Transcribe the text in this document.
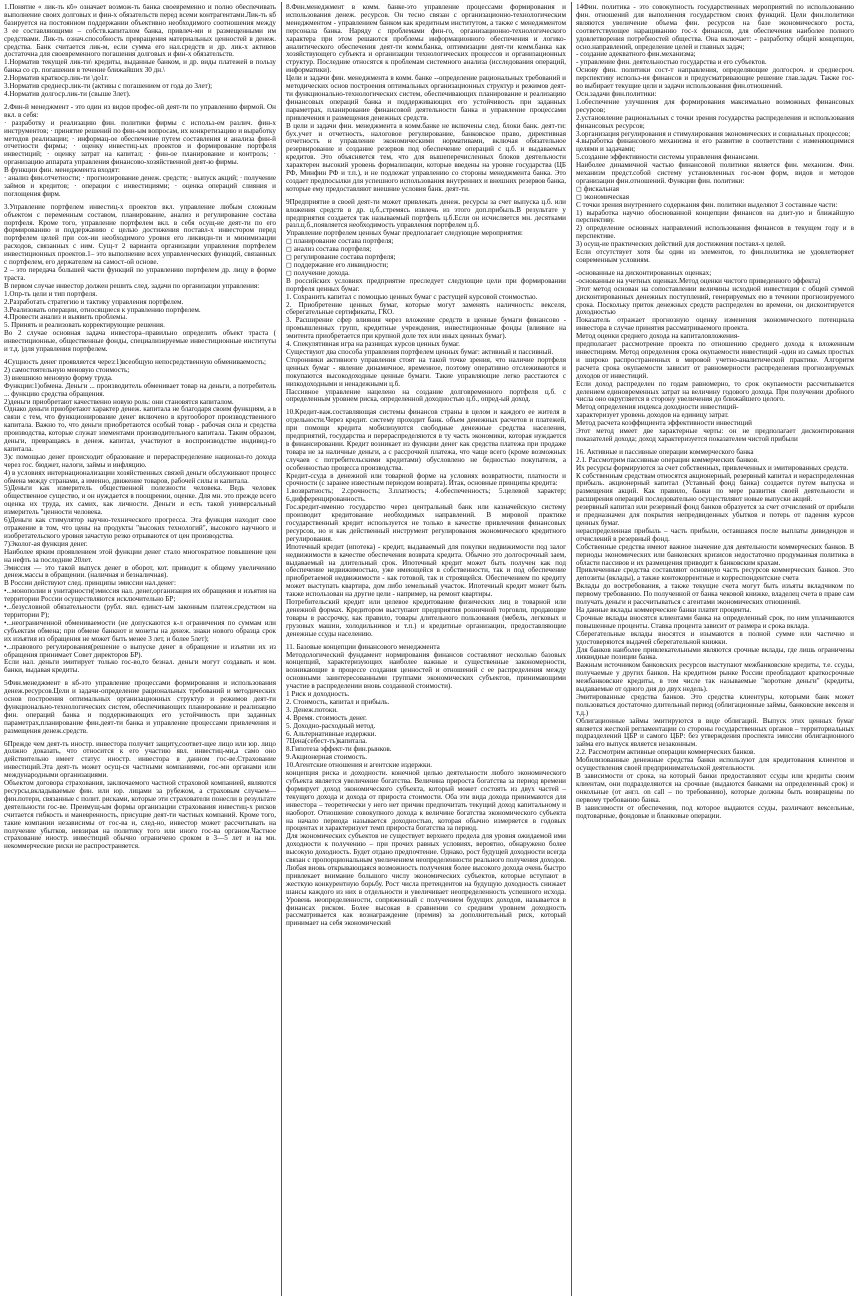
1.Понятие « лик-ть кб» означает возмож-ть банка своевременно и полно обеспечивать выполнение своих долговых и фин-х обязательств перед всеми контрагентами.Лик-ть кб базируется на постоянном поддержании объективно необходимого соотношения между 3 ее составляющими – собств.капиталом банка, привлеч-ми и размещенными им средствами. Лик-ть означ.способность превращения материальных ценностей в денеж. средства. Банк считается лик-м, если сумма его нал.средств и др. лик-х активов достаточна для своевременного погашения долговых и фин-х обязательств.

1.Норматив текущей лик-ти\ кредиты, выданные банком, и др. виды платежей в пользу банка со ср. погашения в течение ближайших 30 дн.\

2.Норматив краткоср.лик-ти \до1г.

3.Норматив среднеср.лик-ти (активы с погашением от года до 3лет);

4.Норматив долгоср.лик-ти (свыше 3лет).

2.Фин-й менеджмент - это один из видов профес-ой деят-ти по управлению фирмой. Он вкл. в себя:

· разработку и реализацию фин. политики фирмы с использ-ем различ. фин-х инструментов; · принятие решений по фин-ым вопросам, их конкретизацию и выработку методов реализации; · информац-ое обеспечение путем составления и анализа фин-й отчетности фирмы; · оценку инвестиц-ых проектов и формирование портфеля инвестиций; · оценку затрат на капитал; · фин-ое планирование и контроль; · организацию аппарата управления финансово-хозяйственной деят-ю фирмы.

В функции фин. менеджмента входят:

· анализ фин.отчетности; · прогнозирование денеж. средств; · выпуск акций; · получение займов и кредитов; · операции с инвестициями; · оценка операций слияния и поглощения фирм.

3.Управление портфелем инвестиц-х проектов вкл. управление любым сложным объектом с переменным составом, планирование, анализ и регулирование состава портфеля. Кроме того, управление портфелем вкл. в себя осущ-ие деят-ти по его формированию и поддержанию с целью достижения поставл-х инвестором перед портфелем целей при сох-ии необходимого уровня его ликвидн-ти и минимизации расходов, связанных с ним. Сущ-т 2 варианта организации управления портфелем инвестиционных проектов.1– это выполнение всех управленческих функций, связанных с портфелем, его держателем на самост-ой основе.

2 – это передача большей части функций по управлению портфелем др. лицу в форме траста.

В первом случае инвестор должен решить след. задачи по организации управления:

1.Опр-ть цели и тип портфеля.

2.Разработать стратегию и тактику управления портфелем.

3.Реализовать операции, относящиеся к управлению портфелем.

4.Провести анализ и выявить проблемы.

5. Принять и реализовать корректирующие решения.

Во 2 случае основная задача инвестора–правильно определить объект траста ( инвестиционные, общественные фонды, специализируемые инвестиционные институты и т.д. )для управления портфелем.

4Сущность денег проявляется через:1)всеобщую непосредственную обмениваемость;

2) самостоятельную меновую стоимость;

3) внешнюю меновую форму труда.

Функции:1)обмена. Деньги ... производитель обменивает товар на деньги, а потребитель ... функцию средства обращения.

2)деньги приобретают качественно новую роль: они становятся капиталом.

Однако деньги приобретают характер денеж. капитала не благодаря своим функциям, а в связи с тем, что функционирование денег включено в кругооборот производственного капитала. Важно то, что деньги приобретаются особый товар - рабочая сила и средства производства, которые служат элементами производительного капитала. Таким образом, деньги, превращаясь в денеж. капитал, участвуют в воспроизводстве индивид-го капитала.

3)с помощью денег происходит образование и перераспределение национал-го дохода через гос. бюджет, налоги, займы и инфляцию.

4) в условиях интернационализации хозяйственных связей деньги обслуживают процесс обмена между странами, а именно, движение товаров, рабочей силы и капитала.

5)Деньги как измеритель общественной полезности человека. Ведь человек общественное существо, и он нуждается в поощрении, оценке. Для мн. это прежде всего оценка их труда, их самих, как личности. Деньги и есть такой универсальный измеритель "ценности человека.

6)Деньги как стимулятор научно-технического прогресса. Эта функция находит свое отражение в том, что цены на продукты "высоких технологий", высокого научного и изобретательского уровня зачастую резко отрываются от цен производства.

7)Эколог-ая функция денег.

Наиболее ярким проявлением этой функции денег стало многократное повышение цен на нефть за последние 20лет.

Эмиссия — это такой выпуск денег в оборот, кот. приводит к общему увеличению денеж.массы в обращении. (наличная и безналичная).

В России действуют след. принципы эмиссии нал.денег:

•...монополии и унитарности(эмиссия нал. денег,организация их обращения и изъятия на территории России осуществляются исключительно БР;

•...безусловной обязательности (рубл. явл. единст-ым законным платеж.средством на территории Р);

•...неограниченной обмениваемости (не допускаются к-л ограничения по суммам или субъектам обмена; при обмене банкнот и монеты на денеж. знаки нового образца срок их изъятия из обращения не может быть менее 3 лет, и более 5лет);

•...правового регулирования(решение о выпуске денег в обращение и изъятии их из обращения принимает Совет директоров БР).

Если нал. деньги эмитирует только гос-во,то безнал. деньги могут создавать и ком. банки, выдавая кредиты.

5Фин.менеджмент в кб-это управление процессами формирования и использования денеж.ресурсов.Цели и задачи-определение рациональных требований и методических основ построения оптимальных организационных структур и режимов деят-ти функционально-технологических систем, обеспечивающих планирование и реализацию фин. операций банка и поддерживающих его устойчивость при заданных параметрах,планирование фин.деят-ти банка и управление процессами привлечения и размещения денеж.средств.

6Прежде чем деят-ть иностр. инвестора получит защиту,соответ-щее лицо или юр. лицо должно доказать, что относится к его участию явл. инвестиц-ми,а само оно действительно имеет статус иностр. инвестора в данном гос-ве.Страхование инвестиций.Эта деят-ть может осущ-ся частными компаниями, гос-ми органами или международными организациями.

Объектом договора страхования, заключаемого частной страховой компанией, являются ресурсы,вкладываемые фин. или юр. лицами за рубежом, а страховым случаем—фин.потери, связанные с полит. рисками, которые эти страхователи понесли в результате деятельности гос-ве. Преимущ-ым формы организации страхования инвестиц-х рисков считается гибкость и маневренность, присущие деят-ти частных компаний. Кроме того, такие компании независимы от гос-ва и, след-но, инвестор может рассчитывать на получение убытков, невзирая на политику того или иного гос-ва органом.Частное страхование иностр. инвестиций обычно ограничено сроком в 3—5 лет и на ми. некоммерческие риски не распространяется.

8.Фин.менеджмент в комм. банке-это управление процессами формирования и использования денеж. ресурсов. Он тесно связан с организационно-технологическим менеджментом - управлением банком как кредитным институтом, а также с менеджментом персонала банка. Наряду с проблемами фин-го, организационно-технологического характера при этом решаются проблемы информационного обеспечения и логико-аналитического обеспечения деят-ти комм.банка, оптимизации деят-ти комм.банка как хозяйствующего субъекта и организации технологических процессов и организационных структур. Последние относятся к проблемам системного анализа (исследования операций, информатики).

Цели и задачи фин. менеджмента в комм. банке --определение рациональных требований и методических основ построения оптимальных организационных структур и режимов деят-ти функционально-технологических систем, обеспечивающих планирование и реализацию финансовых операций банка и поддерживающих его устойчивость при заданных параметрах, планирование финансовой деятельности банка и управление процессами привлечения и размещения денежных средств.

В цели и задачи фин. менеджмента в комм.банке не включены след. блоки банк. деят-ти: бух.учет и отчетность, налоговое регулирование, банковское право, директивная отчетность и управление экономическими нормативами, включая обязательное резервирование и создание резервов под обеспечение операций с ц.б. и выдаваемых кредитов. Это объясняется тем, что для вышеперечисленных блоков деятельности характерен высокий уровень формализации, которые введены на уровне государства (ЦБ РФ, Минфин РФ и т.п.), и не подлежат управлению со стороны менеджмента банка. Это создает предпосылки для успешного использования внутренних и внешних резервов банка, которые ему предоставляют внешние условия банк. деят-ти.

9Предприятие в своей деят-ти может привлекать денеж. ресурсы за счет выпуска ц.б. или вложения средств в др. ц.б.,стремясь извлечь из этого доп.прибыль.В результате у предприятия создается так называемый портфель ц.б.Если он исчисляется мн. десятками разл.ц.б.,появляется необходимость управления портфелем ц.б.

Управление портфелем ценных бумаг предполагает следующие мероприятия:

◻ планирование состава портфеля;

◻ анализ состава портфеля;

◻ регулирование состава портфеля;

◻ поддержание его ликвидности;

◻ получение дохода.

В российских условиях предприятие преследует следующие цели при формировании портфеля ценных бумаг.

1. Сохранить капитал с помощью ценных бумаг с растущей курсовой стоимостью.

2. Приобретение ценных бумаг, которые могут заменять наличность: векселя, сберегательные сертификаты, ГКО.

3. Расширение сфер влияния через вложение средств в ценные бумаги финансово - промышленных групп, кредитные учреждения, инвестиционные фонды (влияние на эмитента приобретается при крупной доле тех или иных ценных бумаг).

4. Спекулятивная игра на разницах курсов ценных бумаг.

Существуют два способа управления портфелем ценных бумаг: активный и пассивный.

Сторонники активного управления стоят на такой точке зрения, что наличие портфеля ценных бумаг - явление динамичное, временное, поэтому оперативно отслеживаются и покупаются высокодоходные ценные бумаги. Такие управляющие легко расстаются с низкодоходными и ненадежными ц.б.

Пассивное управление нацелено на создание долговременного портфеля ц.б. с определенным уровнем риска, определенной доходностью ц.б., опред-ый доход.

10.Кредит-важ.составляющая системы финансов страны в целом и каждого ее жителя в отдельности.Через кредит. систему проходит банк. объем денежных расчетов и платежей, при помощи кредита мобилизуются свободные денежные средства населения, предприятий, государства и перераспределяются в ту часть экономики, которая нуждается в финансировании. Кредит возникает из функции денег как средства платежа при продаже товара не за наличные деньги, а с рассрочкой платежа, что чаще всего (кроме возможных случаев с потребительскими кредитами) обусловлено не бедностью покупателя, а особенностью процесса производства.

Кредит-ссуда в денежной или товарной форме на условиях возвратности, платности и срочности (с заранее известным периодом возврата). Итак, основные принципы кредита:

1.возвратность; 2.срочность; 3.платность; 4.обеспеченность; 5.целевой характер; 6.дифференцированность.

Гос.кредит-именно государство через центральный банк или казначейскую систему производит кредитование необходимых направлений. В мировой практике государственный кредит используется не только в качестве привлечения финансовых ресурсов, но и как действенный инструмент регулирования экономического кредитного регулирования.

Ипотечный кредит (ипотека) - кредит, выдаваемый для покупки недвижимости под залог недвижимости в качестве обеспечения возврата кредита. Обычно это долгосрочный заем, выдаваемый на длительный срок. Ипотечный кредит может быть получен как под обеспечение недвижимостью, уже имеющейся в собственности, так и под обеспечение приобретаемой недвижимости - как готовой, так и строящейся. Обеспечением по кредиту может выступать квартира, дом либо земельный участок. Ипотечный кредит может быть также использован на другие цели - например, на ремонт квартиры.

Потребительский кредит или целевое кредитование физических лиц в товарной или денежной формах. Кредитором выступают предприятия розничной торговли, продающие товары в рассрочку, как правило, товары длительного пользования (мебель, легковых и грузовых машин, холодильников и т.п.) и кредитные организации, предоставляющие денежные ссуды населению.

11. Базовые концепции финансового менеджмента

Методологический фундамент нормирования финансов составляют несколько базовых концепций, характеризующих наиболее важные и существенные закономерности, возникающие в процессе создания ценностей и отношений с ее распределения между основными заинтересованными группами экономических субъектов, принимающими участие в распределении вновь созданной стоимости).

1 Риск и доходность.

2. Стоимость, капитал и прибыль.

3. Денеж.потоки.

4. Время. стоимость денег.

5. Доходно-расходный метод.

6. Альтернативные издержки.

7Цена(себест-ть)капитала.

8.Гипотеза эффект-ти фин.рынков.

9.Акционерная стоимость.

10.Агентские отношения и агентские издержки.

концепция риска и доходности. конечной целью деятельности любого экономического субъекта является увеличение богатства. Величина прироста богатства за период времени формирует доход экономического субъекта, который может состоять из двух частей – текущего дохода и дохода от прироста стоимости. Оба эти вида дохода принимаются для инвестора – теоретически у него нет причин предпочитать текущий доход капитальному и наоборот. Отношение совокупного дохода к величине богатства экономического субъекта на начало периода называется доходностью, которая обычно измеряется в годовых процентах и характеризует темп прироста богатства за период.

Для экономических субъектов не существует верхнего предела для уровня ожидаемой ими доходности к получению – при прочих равных условиях, вероятно, обнаружено более высокую доходность. Будет отдано предпочтение. Однако, рост будущей доходности всегда связан с пропорциональным увеличением неопределенности реального получения доходов. Любая вновь открывающаяся возможность получения более высокого дохода очень быстро привлекает внимание большого числу экономических субъектов, которые вступают в жесткую конкурентную борьбу. Рост числа претендентов на будущую доходность снижает шансы каждого из них в отдельности и увеличивает неопределенность успешного исхода. Уровень неопределенности, сопряженный с получением будущих доходов, называется в финансах риском. Более высокая в сравнении со средним уровнем доходность рассматривается как вознаграждение (премия) за дополнительный риск, который принимает на себя экономический

14Фин. политика - это совокупность государственных мероприятий по использованию фин. отношений для выполнения государством своих функций. Цели фин.политики являются увеличение объема фин. ресурсов на базе экономического роста, соответствующее наращиванию гос-х финансов, для обеспечения наиболее полного удовлетворения потребностей общества. Она включает: - разработку общей концепции, осно.направлений, определение целей и главных задач;

- создание адекватного фин.механизма;

- управление фин. деятельностью государства и его субъектов.

Основу фин. политики сост-т направления, определяющие долгосроч. и среднесроч. перспективу использ-ия финансов и предусматривающие решение глав.задач. Также гос-во выбирает текущие цели и задачи использования фин.отношений.

Осн.задачи фин.политики:

1.обеспечение улучшения для формирования максимально возможных финансовых ресурсов;

2.установление рациональных с точки зрения государства распределения и использования финансовых ресурсов;

3.организация регулирования и стимулирования экономических и социальных процессов;

4.выработка финансового механизма и его развитие в соответствии с изменяющимися целями и задачами;

5.создание эффективности системы управления финансами.

Наиболее динамичной частью финансовой политики является фин. механизм. Фин. механизм предст.собой систему установленных гос-вом форм, видов и методов организации фин.отношений. Функции фин. политики:

◻ фискальная

◻ экономическая

С точки зрения внутреннего содержания фин. политики выделяют 3 составные части:

1) выработка научно обоснованной концепции финансов на длит-ую и ближайшую перспективу.

2) определение основных направлений использования финансов в текущем году и в перспективе.

3) осущ-ие практических действий для достижения поставл-х целей.

Если отсутствует хотя бы один из элементов, то фин.политика не удовлетворяет современным условиям.

-основанные на дисконтированных оценках;

-основанные на учетных оценках.Метод оценки чистого приведенного эффекта)

Этот метод основан на сопоставлении величины исходной инвестиции с общей суммой дисконтированных денежных поступлений, генерируемых ею в течении прогнозируемого срока. Поскольку приток денежных средств распределен во времени, он дисконтируется доходностью

Показатель отражает прогнозную оценку изменения экономического потенциала инвестора в случае принятия рассматриваемого проекта.

Метод оценки среднего дохода на капиталовложения-

предполагает рассмотрение проекта по отношению среднего дохода к вложенным инвестициям. Метод определения срока окупаемости инвестиций -один из самых простых и широко распространенных в мировой учетно-аналитической практике. Алгоритм расчета срока окупаемости зависит от равномерности распределения прогнозируемых доходов от инвестиций.

Если доход распределен по годам равномерно, то срок окупаемости рассчитывается делением единовременных затрат на величину годового дохода. При получении дробного числа оно округляется в сторону увеличения до ближайшего целого.

Метод определения индекса доходности инвестиций-

характеризует уровень доходов на единицу затрат.

Метод расчета коэффициента эффективности инвестиций

Этот метод имеет две характерные черты: он не предполагает дисконтирования показателей дохода; доход характеризуется показателем чистой прибыли

16. Активные и пассивные операции коммерческого банка

2.1. Рассмотрим пассивные операции коммерческих банков.

Их ресурсы формируются за счет собственных, привлеченных и эмитированных средств.

К собственным средствам относятся акционерный, резервный капитал и нераспределенная прибыль. акционерный капитал (Уставный фонд банка) создается путем выпуска и размещения акций. Как правило, банки по мере развития своей деятельности и расширения операций последовательно осуществляют новые выпуски акций.

резервный капитал или резервный фонд банков образуется за счет отчислений от прибыли и предназначен для покрытия непредвиденных убытков и потерь от падения курсов ценных бумаг.

нераспределенная прибыль – часть прибыли, оставшаяся после выплаты дивидендов и отчислений в резервный фонд.

Собственные средства имеют важное значение для деятельности коммерческих банков. В периоды экономических или банковских кризисов недостаточно продуманная политика в области пассивов и их размещения приводит к банковским крахам.

Привлеченные средства составляют основную часть ресурсов коммерческих банков. Это депозиты (вклады), а также контокоррентные и корреспондентские счета

Вклады до востребования, а также текущие счета могут быть изъяты вкладчиком по первому требованию. По полученной от банка чековой книжке, владелец счета в праве сам получать деньги и рассчитываться с агентами экономических отношений.

На данные вклады коммерческие банки платят проценты.

Срочные вклады вносятся клиентами банка на определенный срок, по ним уплачиваются повышенные проценты. Ставка процента зависит от размера и срока вклада.

Сберегательные вклады вносятся и изымаются в полной сумме или частично и удостоверяются выдачей сберегательной книжки.

Для банков наиболее привлекательными являются срочные вклады, где лишь ограничены ликвидные позиции банка.

Важным источником банковских ресурсов выступают межбанковские кредиты, т.е. ссуды, получаемые у других банков. На кредитном рынке России преобладают краткосрочные межбанковские кредиты, в том числе так называемые "короткие деньги" (кредиты, выдаваемые от одного дня до двух недель).

Эмитированные средства банков. Это средства клиентуры, которыми банк может пользоваться достаточно длительный период (облигационные займы, банковские векселя и т.д.)

Облигационные займы эмитируются в виде облигаций. Выпуск этих ценных бумаг является жесткой регламентации со стороны государственных органов – территориальных подразделений ЦБР и самого ЦБР: без утверждения проспекта эмиссии облигационного займа его выпуск является незаконным.

2.2. Рассмотрим активные операции коммерческих банков.

Мобилизованные денежные средства банки используют для кредитования клиентов и осуществления своей предпринимательской деятельности.

В зависимости от срока, на который банки предоставляют ссуды или кредиты своим клиентам, они подразделяются на срочные (выдаются банками на определенный срок) и онкольные (от англ. on call – по требованию), которые должны быть возвращены по первому требованию банка.

В зависимости от обеспечения, под которое выдаются ссуды, различают вексельные, подтоварные, фондовые и бланковые операции.
